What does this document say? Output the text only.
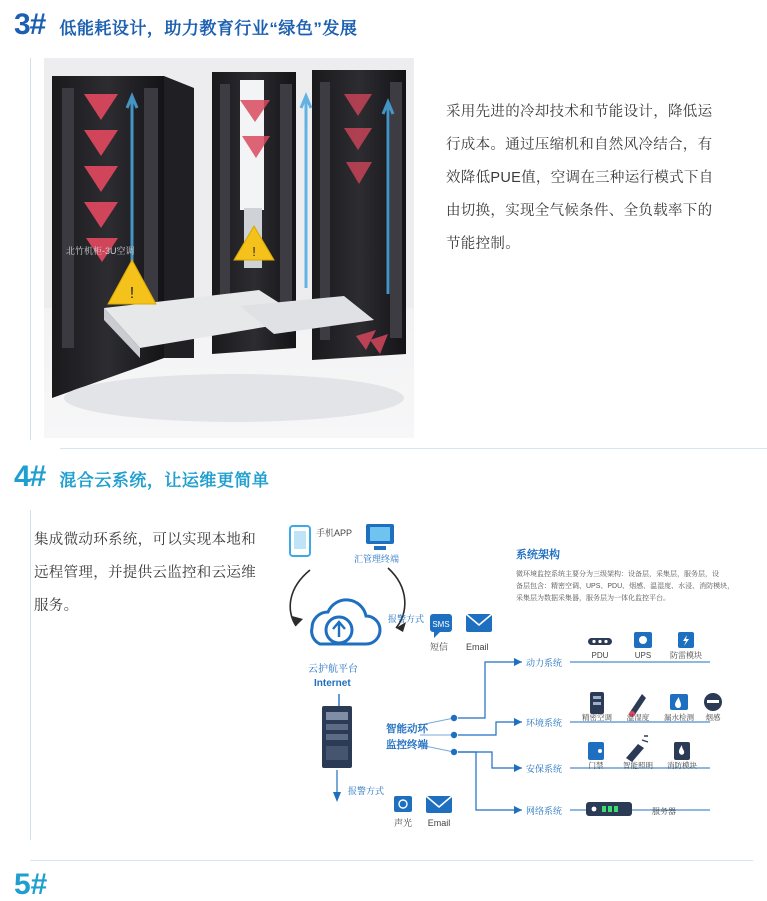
3# 低能耗设计，助力教育行业“绿色”发展
!
!
北竹机柜-3U空调
采用先进的冷却技术和节能设计，降低运行成本。通过压缩机和自然风冷结合，有效降低PUE值，空调在三种运行模式下自由切换，实现全气候条件、全负载率下的节能控制。
4# 混合云系统，让运维更简单
集成微动环系统，可以实现本地和远程管理，并提供云监控和云运维服务。
手机APP
汇管理终端
云护航平台
Internet
报警方式
SMS
短信 Email
系统架构
微环境监控系统主要分为三级架构：设备层，采集层，服务层，设
备层包含：精密空调、UPS、PDU、烟感、温湿度、水浸、消防模块，
采集层为数据采集器，服务层为一体化监控平台。
智能动环
监控终端
动力系统
PDU	UPS 防雷模块
环境系统
精密空调 温湿度 漏水检测 烟感
安保系统	门禁	智能照明 消防模块
网络系统	服务器
报警方式
声光 Email
5#
